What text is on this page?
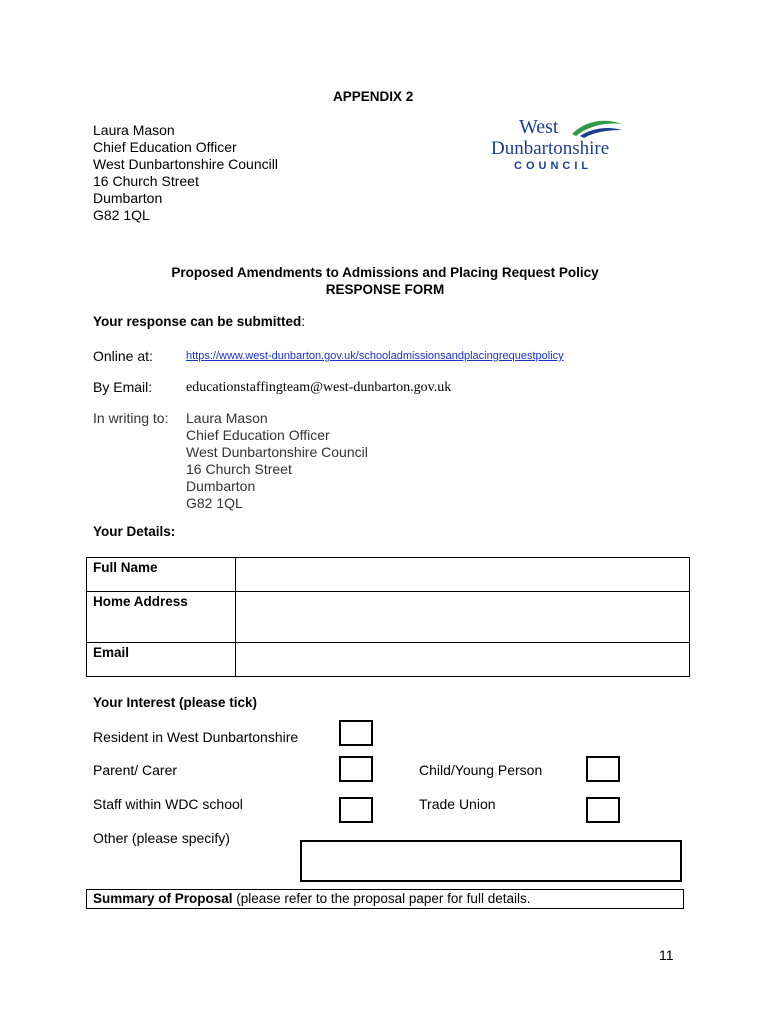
APPENDIX 2
Laura Mason
Chief Education Officer
West Dunbartonshire Councill
16 Church Street
Dumbarton
G82 1QL
West
Dunbartonshire
COUNCIL
Proposed Amendments to Admissions and Placing Request Policy
RESPONSE FORM
Your response can be submitted:
Online at:	https://www.west-dunbarton.gov.uk/schooladmissionsandplacingrequestpolicy
By Email: educationstaffingteam@west-dunbarton.gov.uk
In writing to: Laura Mason
Chief Education Officer
West Dunbartonshire Council
16 Church Street
Dumbarton
G82 1QL
Your Details:
Full Name	
Home Address	
Email	
Your Interest (please tick)
Resident in West Dunbartonshire
Parent/ Carer	Child/Young Person
Staff within WDC school	Trade Union
Other (please specify)
Summary of Proposal (please refer to the proposal paper for full details.
11
